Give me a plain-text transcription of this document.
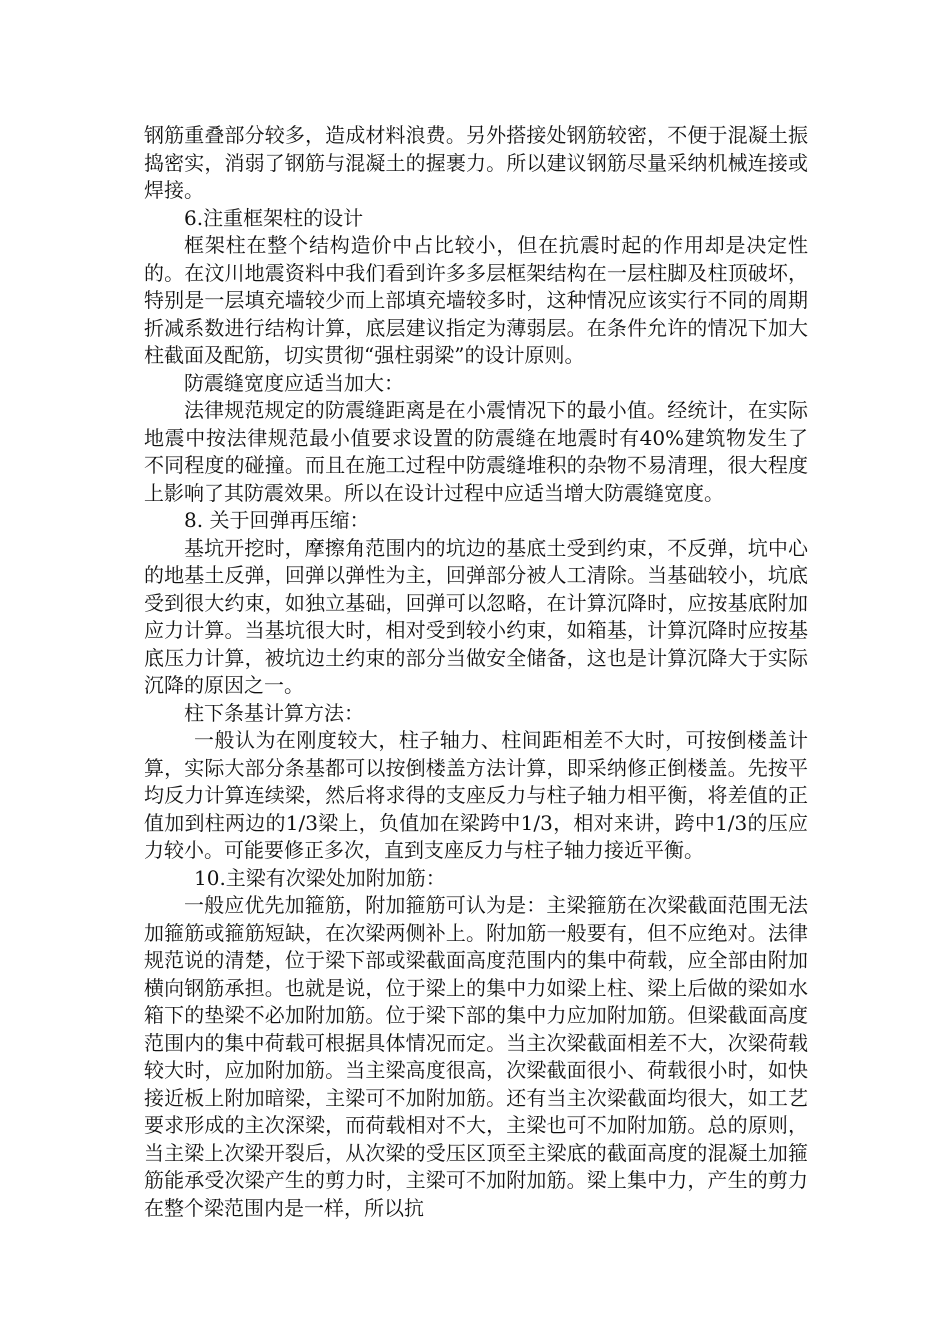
钢筋重叠部分较多，造成材料浪费。另外搭接处钢筋较密，不便于混凝土振捣密实，消弱了钢筋与混凝土的握裹力。所以建议钢筋尽量采纳机械连接或焊接。

6.注重框架柱的设计

框架柱在整个结构造价中占比较小，但在抗震时起的作用却是决定性的。在汶川地震资料中我们看到许多多层框架结构在一层柱脚及柱顶破坏，特别是一层填充墙较少而上部填充墙较多时，这种情况应该实行不同的周期折减系数进行结构计算，底层建议指定为薄弱层。在条件允许的情况下加大柱截面及配筋，切实贯彻“强柱弱梁”的设计原则。

防震缝宽度应适当加大：

法律规范规定的防震缝距离是在小震情况下的最小值。经统计，在实际地震中按法律规范最小值要求设置的防震缝在地震时有40%建筑物发生了不同程度的碰撞。而且在施工过程中防震缝堆积的杂物不易清理，很大程度上影响了其防震效果。所以在设计过程中应适当增大防震缝宽度。

8. 关于回弹再压缩：

基坑开挖时，摩擦角范围内的坑边的基底土受到约束，不反弹，坑中心的地基土反弹，回弹以弹性为主，回弹部分被人工清除。当基础较小，坑底受到很大约束，如独立基础，回弹可以忽略，在计算沉降时，应按基底附加应力计算。当基坑很大时，相对受到较小约束，如箱基，计算沉降时应按基底压力计算，被坑边土约束的部分当做安全储备，这也是计算沉降大于实际沉降的原因之一。

柱下条基计算方法：

一般认为在刚度较大，柱子轴力、柱间距相差不大时，可按倒楼盖计算，实际大部分条基都可以按倒楼盖方法计算，即采纳修正倒楼盖。先按平均反力计算连续梁，然后将求得的支座反力与柱子轴力相平衡，将差值的正值加到柱两边的1/3梁上，负值加在梁跨中1/3，相对来讲，跨中1/3的压应力较小。可能要修正多次，直到支座反力与柱子轴力接近平衡。

10.主梁有次梁处加附加筋：

一般应优先加箍筋，附加箍筋可认为是：主梁箍筋在次梁截面范围无法加箍筋或箍筋短缺，在次梁两侧补上。附加筋一般要有，但不应绝对。法律规范说的清楚，位于梁下部或梁截面高度范围内的集中荷载，应全部由附加横向钢筋承担。也就是说，位于梁上的集中力如梁上柱、梁上后做的梁如水箱下的垫梁不必加附加筋。位于梁下部的集中力应加附加筋。但梁截面高度范围内的集中荷载可根据具体情况而定。当主次梁截面相差不大，次梁荷载较大时，应加附加筋。当主梁高度很高，次梁截面很小、荷载很小时，如快接近板上附加暗梁，主梁可不加附加筋。还有当主次梁截面均很大，如工艺要求形成的主次深梁，而荷载相对不大，主梁也可不加附加筋。总的原则，当主梁上次梁开裂后，从次梁的受压区顶至主梁底的截面高度的混凝土加箍筋能承受次梁产生的剪力时，主梁可不加附加筋。梁上集中力，产生的剪力在整个梁范围内是一样，所以抗
